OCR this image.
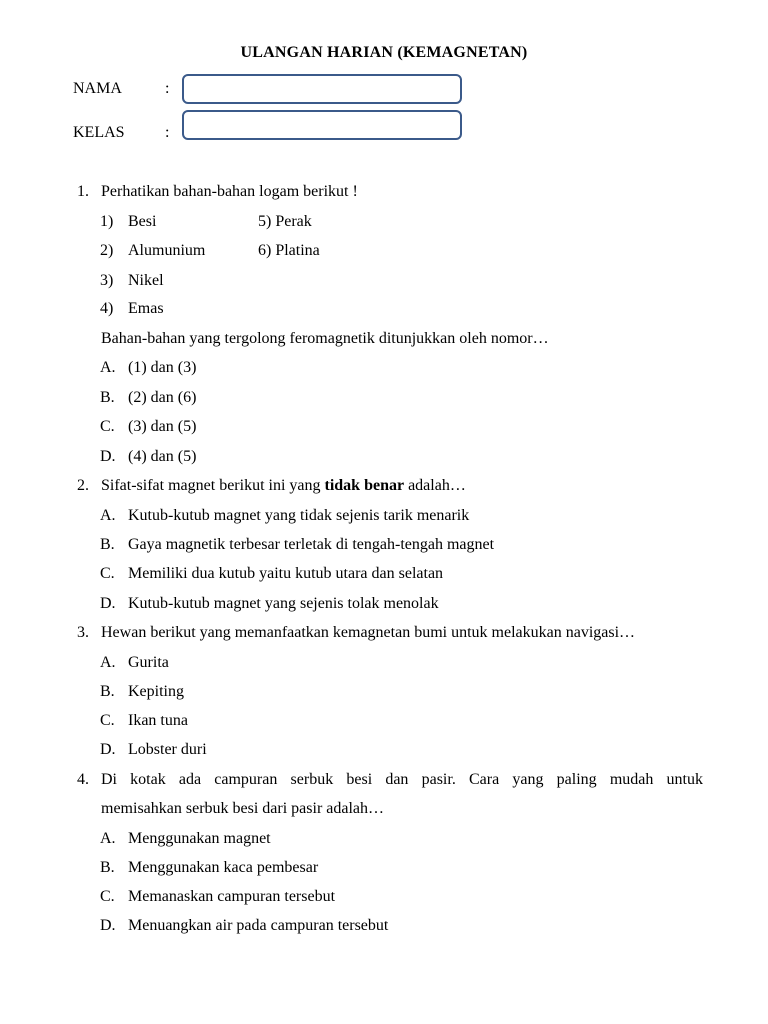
ULANGAN HARIAN (KEMAGNETAN)
NAMA	:
KELAS	:
1. Perhatikan bahan-bahan logam berikut !
1) Besi	5) Perak
2) Alumunium	6) Platina
3) Nikel
4) Emas
Bahan-bahan yang tergolong feromagnetik ditunjukkan oleh nomor…
A. (1) dan (3)
B. (2) dan (6)
C. (3) dan (5)
D. (4) dan (5)
2. Sifat-sifat magnet berikut ini yang tidak benar adalah…
A. Kutub-kutub magnet yang tidak sejenis tarik menarik
B. Gaya magnetik terbesar terletak di tengah-tengah magnet
C. Memiliki dua kutub yaitu kutub utara dan selatan
D. Kutub-kutub magnet yang sejenis tolak menolak
3. Hewan berikut yang memanfaatkan kemagnetan bumi untuk melakukan navigasi…
A. Gurita
B. Kepiting
C. Ikan tuna
D. Lobster duri
4. Di kotak ada campuran serbuk besi dan pasir. Cara yang paling mudah untuk
memisahkan serbuk besi dari pasir adalah…
A. Menggunakan magnet
B. Menggunakan kaca pembesar
C. Memanaskan campuran tersebut
D. Menuangkan air pada campuran tersebut
